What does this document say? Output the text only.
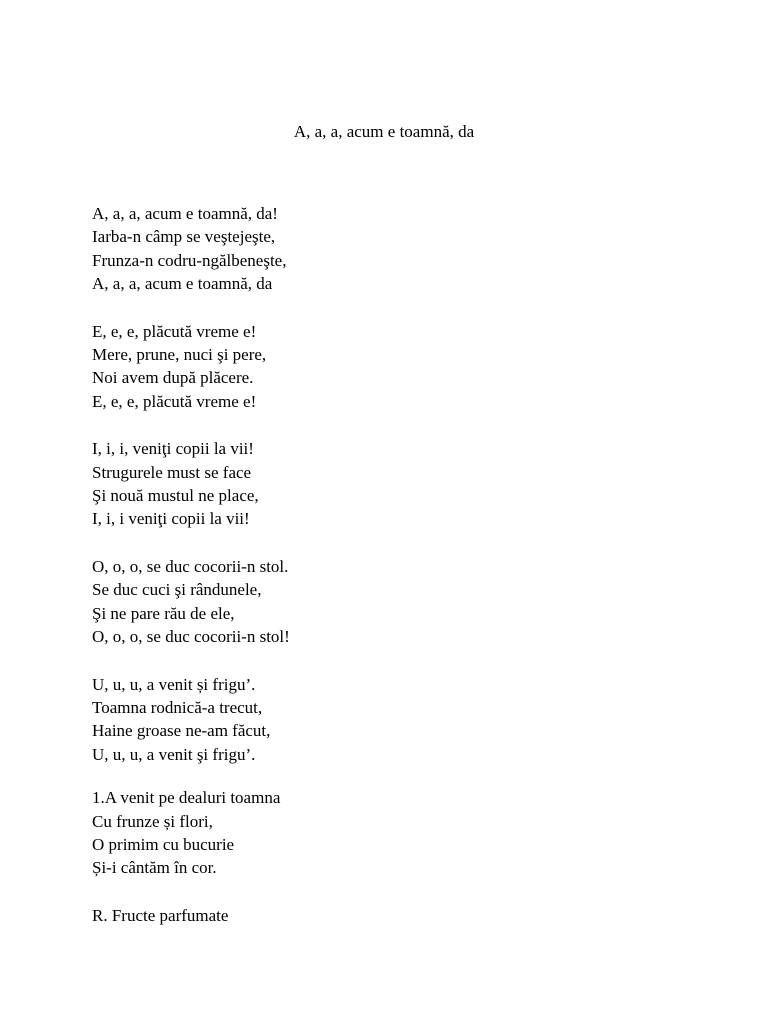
A, a, a, acum e toamnă, da
A, a, a, acum e toamnă, da!
Iarba-n câmp se veştejeşte,
Frunza-n codru-ngălbeneşte,
A, a, a, acum e toamnă, da
E, e, e, plăcută vreme e!
Mere, prune, nuci şi pere,
Noi avem după plăcere.
E, e, e, plăcută vreme e!
I, i, i, veniţi copii la vii!
Strugurele must se face
Şi nouă mustul ne place,
I, i, i veniţi copii la vii!
O, o, o, se duc cocorii-n stol.
Se duc cuci şi rândunele,
Şi ne pare rău de ele,
O, o, o, se duc cocorii-n stol!
U, u, u, a venit și frigu’.
Toamna rodnică-a trecut,
Haine groase ne-am făcut,
U, u, u, a venit şi frigu’.
1.A venit pe dealuri toamna
Cu frunze și flori,
O primim cu bucurie
Și-i cântăm în cor.
R. Fructe parfumate
